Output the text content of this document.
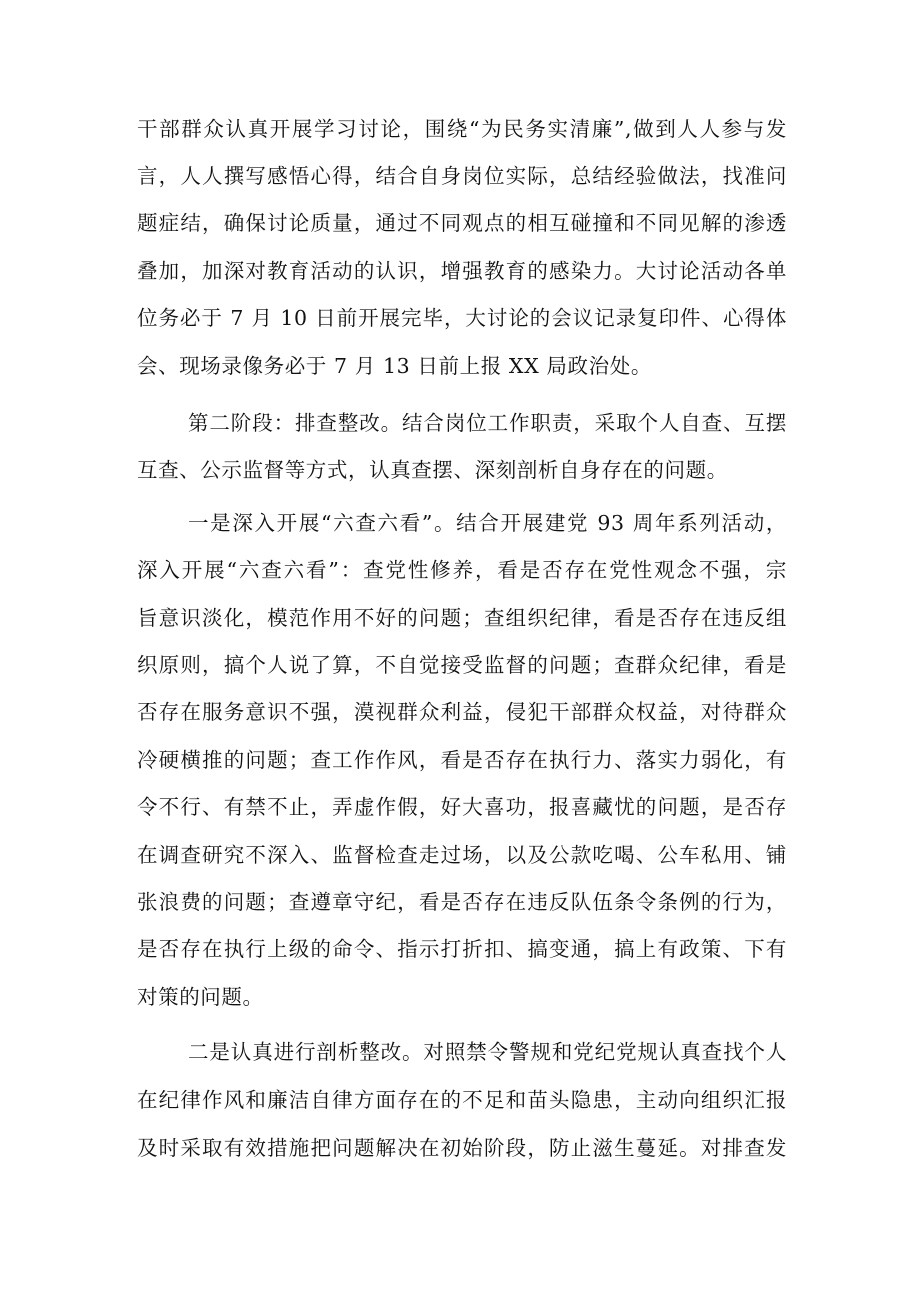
干部群众认真开展学习讨论，围绕“为民务实清廉”,做到人人参与发
言，人人撰写感悟心得，结合自身岗位实际，总结经验做法，找准问
题症结，确保讨论质量，通过不同观点的相互碰撞和不同见解的渗透
叠加，加深对教育活动的认识，增强教育的感染力。大讨论活动各单
位务必于 7 月 10 日前开展完毕，大讨论的会议记录复印件、心得体
会、现场录像务必于 7 月 13 日前上报 XX 局政治处。
第二阶段：排查整改。结合岗位工作职责，采取个人自查、互摆
互查、公示监督等方式，认真查摆、深刻剖析自身存在的问题。
一是深入开展“六查六看”。结合开展建党 93 周年系列活动，
深入开展“六查六看”：查党性修养，看是否存在党性观念不强，宗
旨意识淡化，模范作用不好的问题；查组织纪律，看是否存在违反组
织原则，搞个人说了算，不自觉接受监督的问题；查群众纪律，看是
否存在服务意识不强，漠视群众利益，侵犯干部群众权益，对待群众
冷硬横推的问题；查工作作风，看是否存在执行力、落实力弱化，有
令不行、有禁不止，弄虚作假，好大喜功，报喜藏忧的问题，是否存
在调查研究不深入、监督检查走过场，以及公款吃喝、公车私用、铺
张浪费的问题；查遵章守纪，看是否存在违反队伍条令条例的行为，
是否存在执行上级的命令、指示打折扣、搞变通，搞上有政策、下有
对策的问题。
二是认真进行剖析整改。对照禁令警规和党纪党规认真查找个人
在纪律作风和廉洁自律方面存在的不足和苗头隐患，主动向组织汇报
及时采取有效措施把问题解决在初始阶段，防止滋生蔓延。对排查发
